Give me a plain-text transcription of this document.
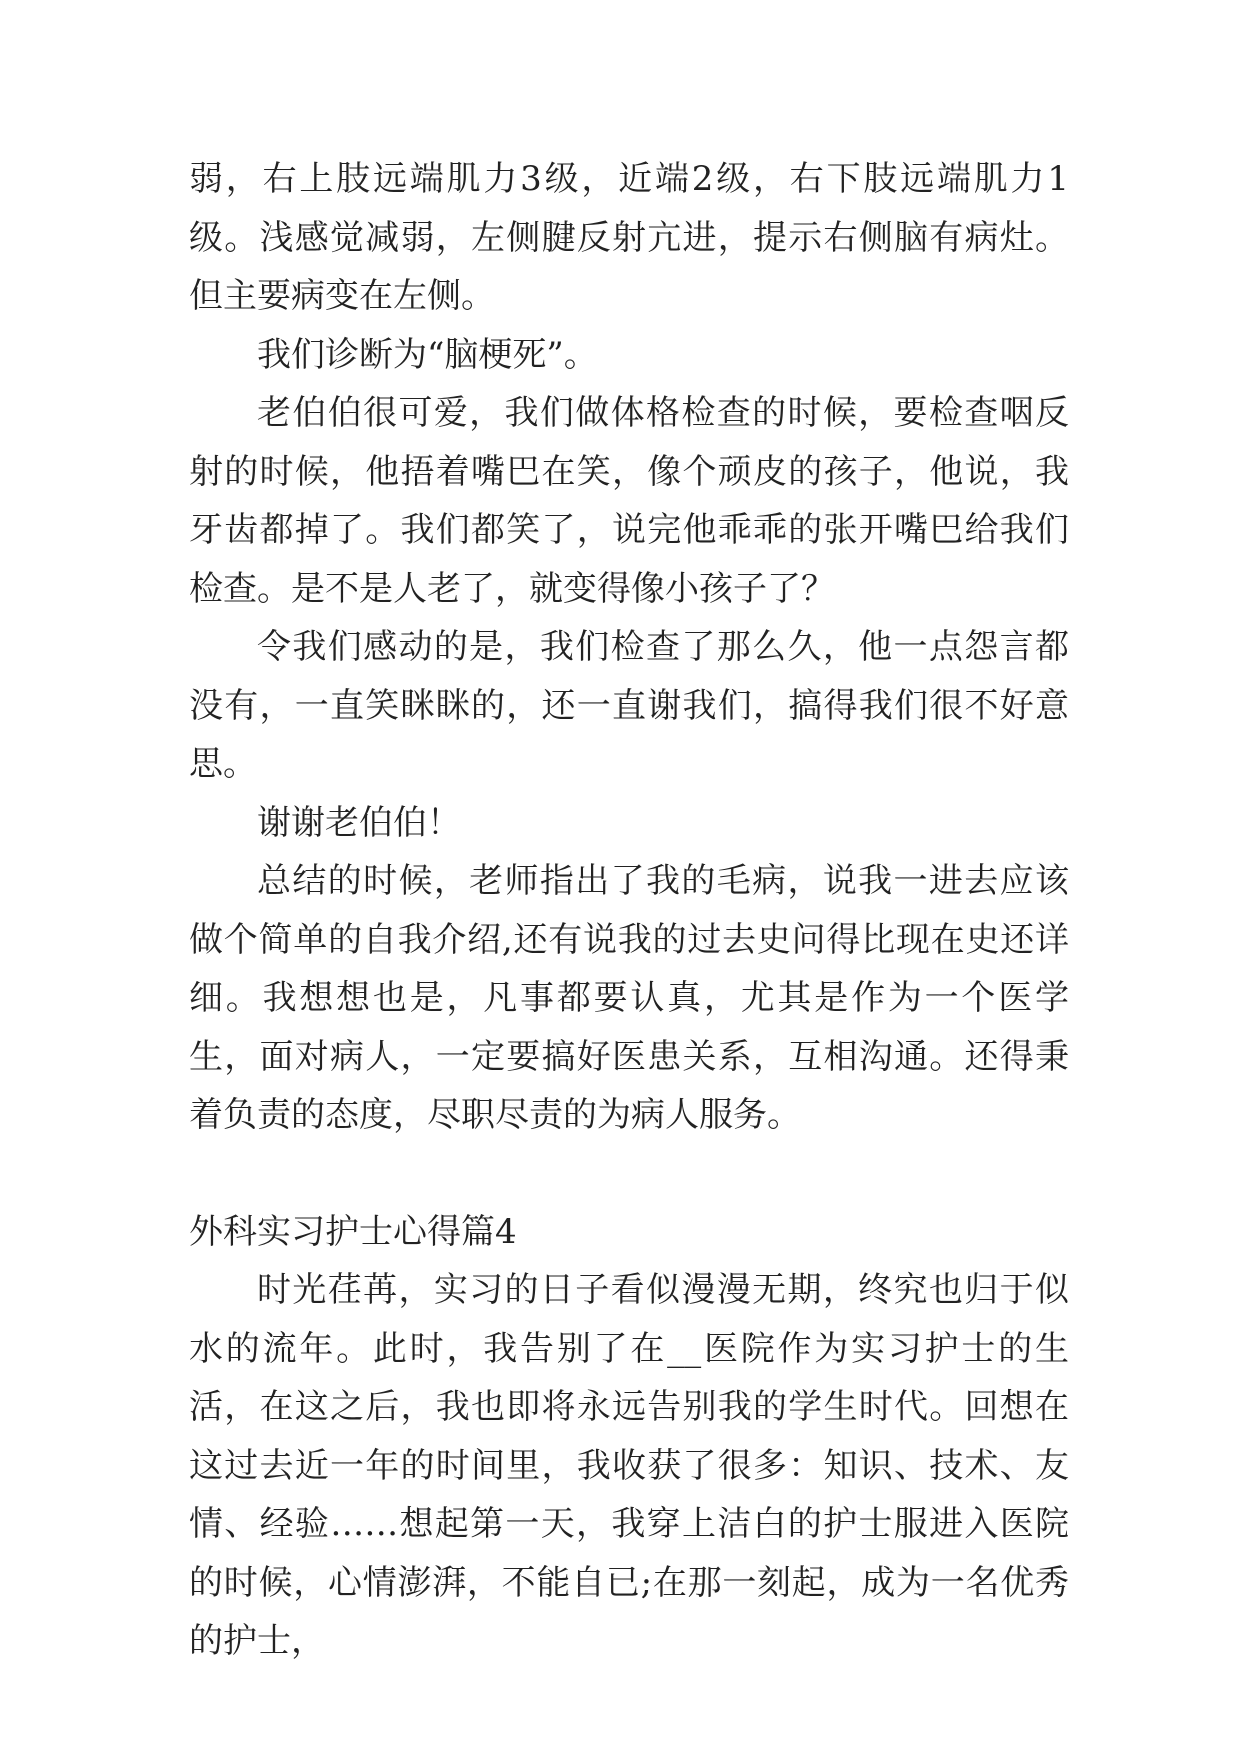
弱，右上肢远端肌力3级，近端2级，右下肢远端肌力1级。浅感觉减弱，左侧腱反射亢进，提示右侧脑有病灶。但主要病变在左侧。

我们诊断为“脑梗死”。

老伯伯很可爱，我们做体格检查的时候，要检查咽反射的时候，他捂着嘴巴在笑，像个顽皮的孩子，他说，我牙齿都掉了。我们都笑了，说完他乖乖的张开嘴巴给我们检查。是不是人老了，就变得像小孩子了？

令我们感动的是，我们检查了那么久，他一点怨言都没有，一直笑眯眯的，还一直谢我们，搞得我们很不好意思。

谢谢老伯伯！

总结的时候，老师指出了我的毛病，说我一进去应该做个简单的自我介绍,还有说我的过去史问得比现在史还详细。我想想也是，凡事都要认真，尤其是作为一个医学生，面对病人，一定要搞好医患关系，互相沟通。还得秉着负责的态度，尽职尽责的为病人服务。

外科实习护士心得篇4

时光荏苒，实习的日子看似漫漫无期，终究也归于似水的流年。此时，我告别了在__医院作为实习护士的生活，在这之后，我也即将永远告别我的学生时代。回想在这过去近一年的时间里，我收获了很多：知识、技术、友情、经验……想起第一天，我穿上洁白的护士服进入医院的时候，心情澎湃，不能自已;在那一刻起，成为一名优秀的护士，
